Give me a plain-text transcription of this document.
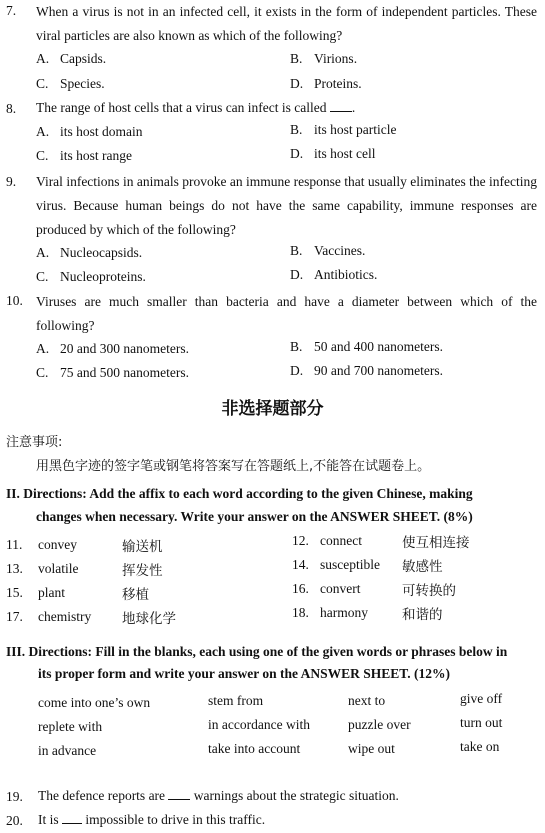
7. When a virus is not in an infected cell, it exists in the form of independent particles. These viral particles are also known as which of the following?
A. Capsids.	B. Virions.
C. Species.	D. Proteins.
8. The range of host cells that a virus can infect is called .
A. its host domain	B. its host particle
C. its host range	D. its host cell
9. Viral infections in animals provoke an immune response that usually eliminates the infecting virus. Because human beings do not have the same capability, immune responses are produced by which of the following?
A. Nucleocapsids.	B. Vaccines.
C. Nucleoproteins.	D. Antibiotics.
10. Viruses are much smaller than bacteria and have a diameter between which of the following?
A. 20 and 300 nanometers.	B. 50 and 400 nanometers.
C. 75 and 500 nanometers.	D. 90 and 700 nanometers.
非选择题部分
注意事项:
用黑色字迹的签字笔或钢笔将答案写在答题纸上,不能答在试题卷上。
II. Directions: Add the affix to each word according to the given Chinese, making
changes when necessary. Write your answer on the ANSWER SHEET. (8%)
11. convey	输送机	12. connect	使互相连接
13. volatile	挥发性	14. susceptible 敏感性
15. plant	移植	16. convert	可转换的
17. chemistry 地球化学	18. harmony	和谐的
III. Directions: Fill in the blanks, each using one of the given words or phrases below in
its proper form and write your answer on the ANSWER SHEET. (12%)
come into one’s own	stem from	next to	give off
replete with	in accordance with	puzzle over	turn out
in advance	take into account	wipe out	take on
19. The defence reports are warnings about the strategic situation.
20. It is impossible to drive in this traffic.
